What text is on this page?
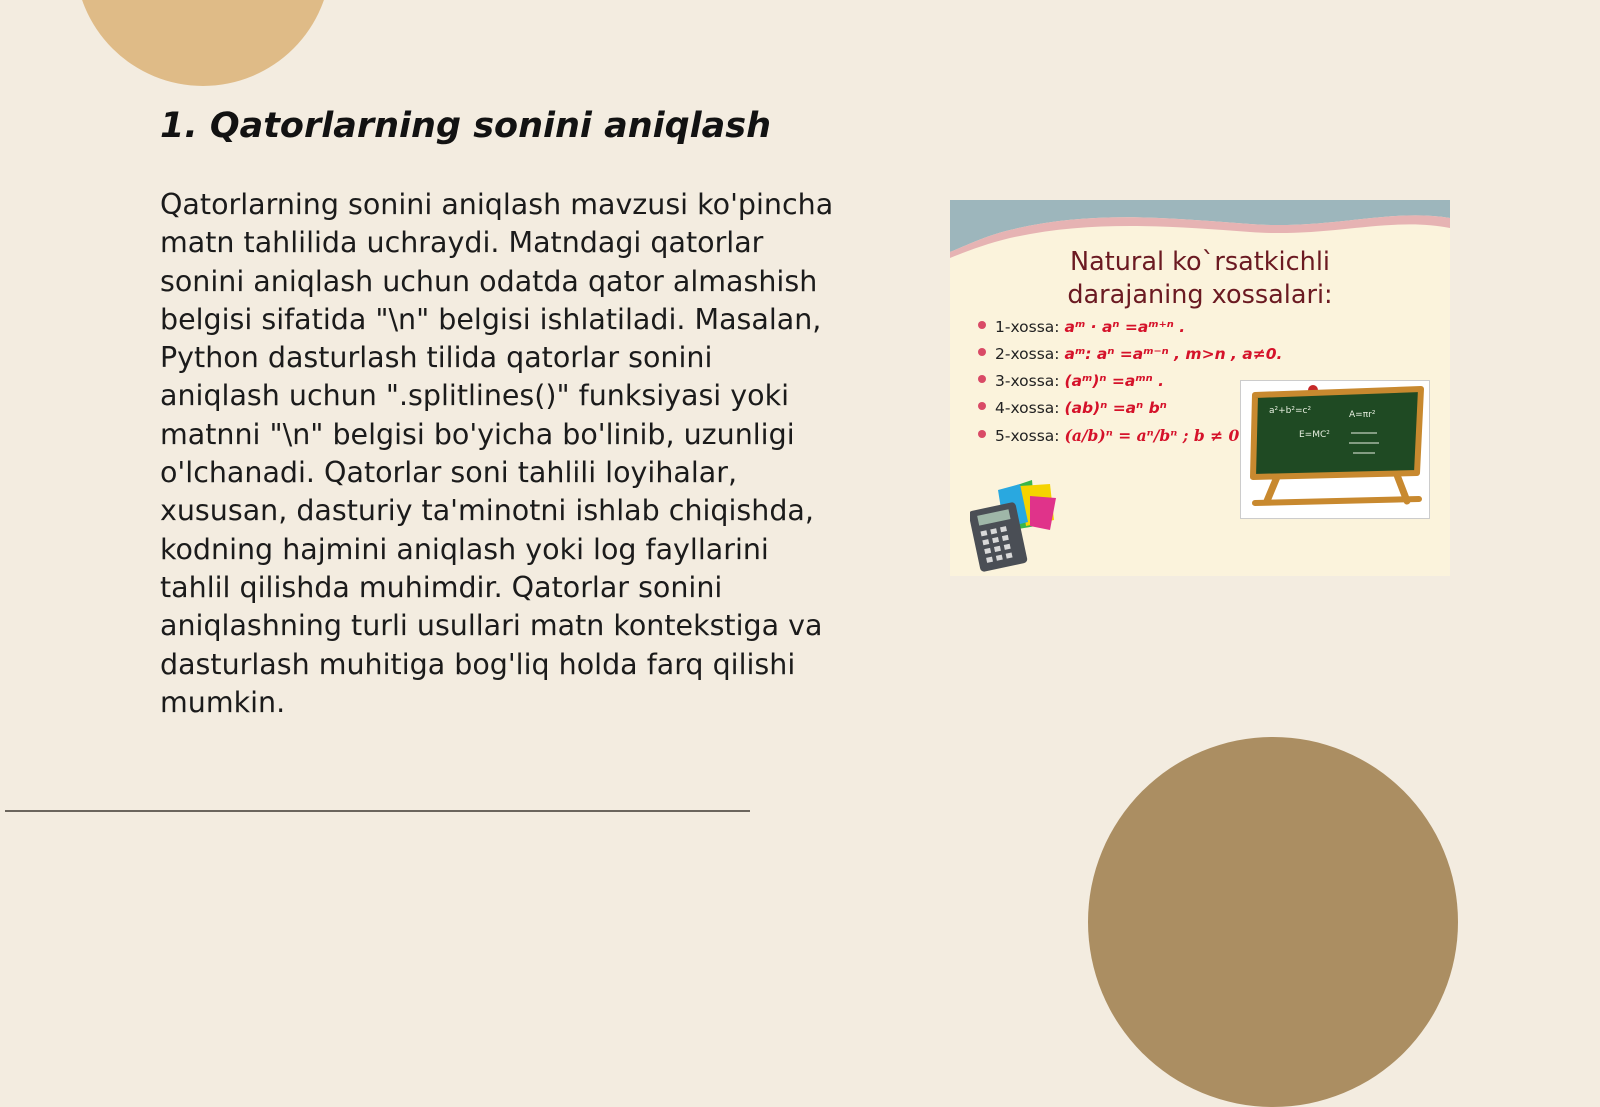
1. Qatorlarning sonini aniqlash

Qatorlarning sonini aniqlash mavzusi ko'pincha matn tahlilida uchraydi. Matndagi qatorlar sonini aniqlash uchun odatda qator almashish belgisi sifatida "\n" belgisi ishlatiladi. Masalan, Python dasturlash tilida qatorlar sonini aniqlash uchun ".splitlines()" funksiyasi yoki matnni "\n" belgisi bo'yicha bo'linib, uzunligi o'lchanadi. Qatorlar soni tahlili loyihalar, xususan, dasturiy ta'minotni ishlab chiqishda, kodning hajmini aniqlash yoki log fayllarini tahlil qilishda muhimdir. Qatorlar sonini aniqlashning turli usullari matn kontekstiga va dasturlash muhitiga bog'liq holda farq qilishi mumkin.

Natural ko`rsatkichli
darajaning xossalari:
1-xossa: aᵐ · aⁿ =aᵐ⁺ⁿ .
2-xossa: aᵐ: aⁿ =aᵐ⁻ⁿ , m>n , a≠0.
3-xossa: (aᵐ)ⁿ =aᵐⁿ .
4-xossa: (ab)ⁿ =aⁿ bⁿ
5-xossa: (a/b)ⁿ = aⁿ/bⁿ ; b ≠ 0
a²+b²=c²	A=πr²
E=MC²
